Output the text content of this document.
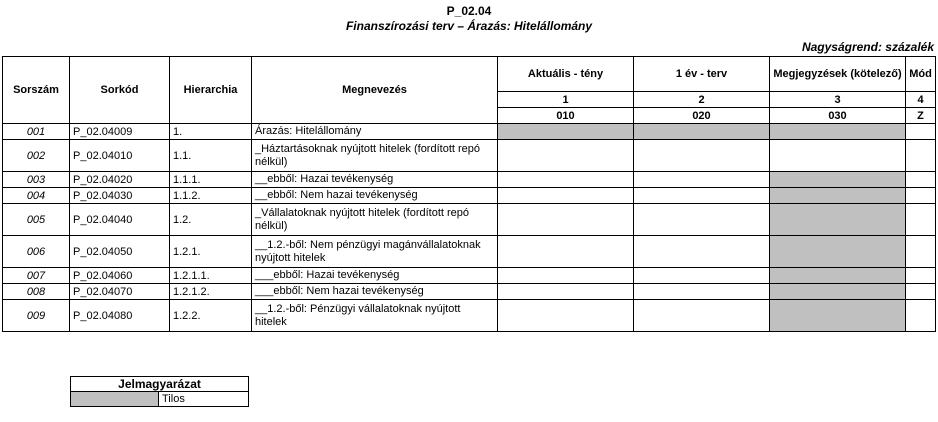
P_02.04
Finanszírozási terv – Árazás: Hitelállomány
Nagyságrend: százalék
Sorszám	Sorkód	Hierarchia	Megnevezés	Aktuális - tény	1 év - terv	Megjegyzések (kötelező)	Mód
				1	2	3	4
				010	020	030	Z
001	P_02.04009	1.	Árazás: Hitelállomány				
002	P_02.04010	1.1.	_Háztartásoknak nyújtott hitelek (fordított repó nélkül)				
003	P_02.04020	1.1.1.	__ebből: Hazai tevékenység				
004	P_02.04030	1.1.2.	__ebből: Nem hazai tevékenység				
005	P_02.04040	1.2.	_Vállalatoknak nyújtott hitelek (fordított repó nélkül)				
006	P_02.04050	1.2.1.	__1.2.-ből: Nem pénzügyi magánvállalatoknak nyújtott hitelek				
007	P_02.04060	1.2.1.1.	___ebből: Hazai tevékenység				
008	P_02.04070	1.2.1.2.	___ebből: Nem hazai tevékenység				
009	P_02.04080	1.2.2.	__1.2.-ből: Pénzügyi vállalatoknak nyújtott hitelek				
Jelmagyarázat
	Tilos
